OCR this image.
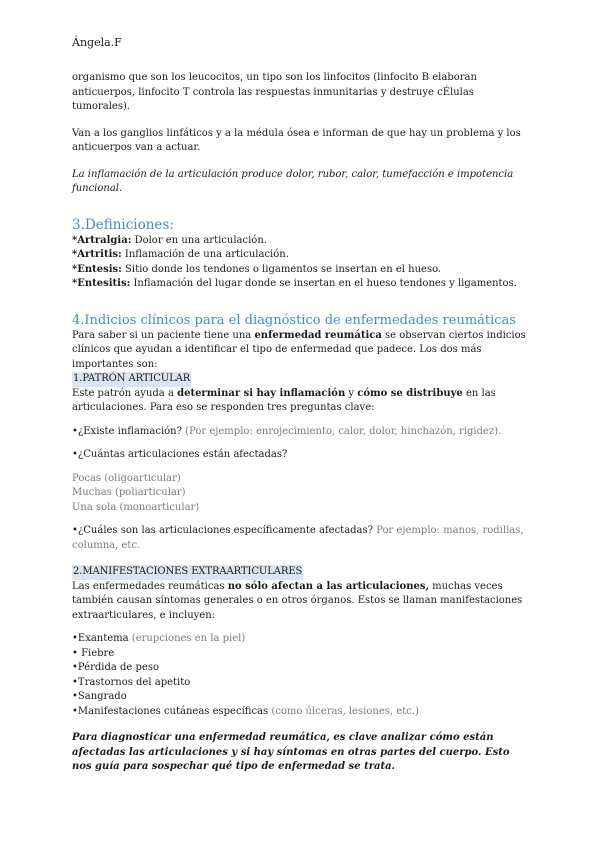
Ángela.F

organismo que son los leucocitos, un tipo son los linfocitos (linfocito B elaboran anticuerpos, linfocito T controla las respuestas inmunitarias y destruye cÉlulas tumorales).

Van a los ganglios linfáticos y a la médula ósea e informan de que hay un problema y los anticuerpos van a actuar.

La inflamación de la articulación produce dolor, rubor, calor, tumefacción e impotencia funcional.

3.Definiciones:

*Artralgia: Dolor en una articulación.

*Artritis: Inflamación de una articulación.

*Entesis: Sitio donde los tendones o ligamentos se insertan en el hueso.

*Entesitis: Inflamación del lugar donde se insertan en el hueso tendones y ligamentos.

4.Indicios clínicos para el diagnóstico de enfermedades reumáticas

Para saber si un paciente tiene una enfermedad reumática se observan ciertos indicios clínicos que ayudan a identificar el tipo de enfermedad que padece. Los dos más importantes son:

1.PATRÓN ARTICULAR

Este patrón ayuda a determinar si hay inflamación y cómo se distribuye en las articulaciones. Para eso se responden tres preguntas clave:

•¿Existe inflamación? (Por ejemplo: enrojecimiento, calor, dolor, hinchazón, rigidez).

•¿Cuántas articulaciones están afectadas?

Pocas (oligoarticular)

Muchas (poliarticular)

Una sola (monoarticular)

•¿Cuáles son las articulaciones específicamente afectadas? Por ejemplo: manos, rodillas, columna, etc.

2.MANIFESTACIONES EXTRAARTICULARES

Las enfermedades reumáticas no sólo afectan a las articulaciones, muchas veces también causan síntomas generales o en otros órganos. Estos se llaman manifestaciones extraarticulares, e incluyen:

•Exantema (erupciones en la piel)

• Fiebre

•Pérdida de peso

•Trastornos del apetito

•Sangrado

•Manifestaciones cutáneas específicas (como úlceras, lesiones, etc.)

Para diagnosticar una enfermedad reumática, es clave analizar cómo están afectadas las articulaciones y si hay síntomas en otras partes del cuerpo. Esto nos guía para sospechar qué tipo de enfermedad se trata.
